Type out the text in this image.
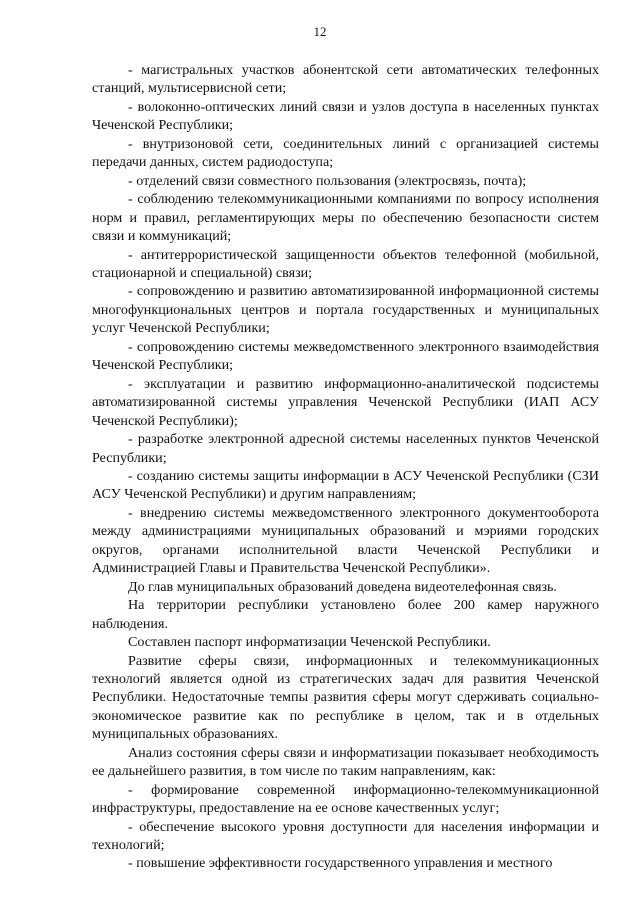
12

- магистральных участков абонентской сети автоматических телефонных станций, мультисервисной сети;

- волоконно-оптических линий связи и узлов доступа в населенных пунктах Чеченской Республики;

- внутризоновой сети, соединительных линий с организацией системы передачи данных, систем радиодоступа;

- отделений связи совместного пользования (электросвязь, почта);

- соблюдению телекоммуникационными компаниями по вопросу исполнения норм и правил, регламентирующих меры по обеспечению безопасности систем связи и коммуникаций;

- антитеррористической защищенности объектов телефонной (мобильной, стационарной и специальной) связи;

- сопровождению и развитию автоматизированной информационной системы многофункциональных центров и портала государственных и муниципальных услуг Чеченской Республики;

- сопровождению системы межведомственного электронного взаимодействия Чеченской Республики;

- эксплуатации и развитию информационно-аналитической подсистемы автоматизированной системы управления Чеченской Республики (ИАП АСУ Чеченской Республики);

- разработке электронной адресной системы населенных пунктов Чеченской Республики;

- созданию системы защиты информации в АСУ Чеченской Республики (СЗИ АСУ Чеченской Республики) и другим направлениям;

- внедрению системы межведомственного электронного документооборота между администрациями муниципальных образований и мэриями городских округов, органами исполнительной власти Чеченской Республики и Администрацией Главы и Правительства Чеченской Республики».

До глав муниципальных образований доведена видеотелефонная связь.

На территории республики установлено более 200 камер наружного наблюдения.

Составлен паспорт информатизации Чеченской Республики.

Развитие сферы связи, информационных и телекоммуникационных технологий является одной из стратегических задач для развития Чеченской Республики. Недостаточные темпы развития сферы могут сдерживать социально-экономическое развитие как по республике в целом, так и в отдельных муниципальных образованиях.

Анализ состояния сферы связи и информатизации показывает необходимость ее дальнейшего развития, в том числе по таким направлениям, как:

- формирование современной информационно-телекоммуникационной инфраструктуры, предоставление на ее основе качественных услуг;

- обеспечение высокого уровня доступности для населения информации и технологий;

- повышение эффективности государственного управления и местного
